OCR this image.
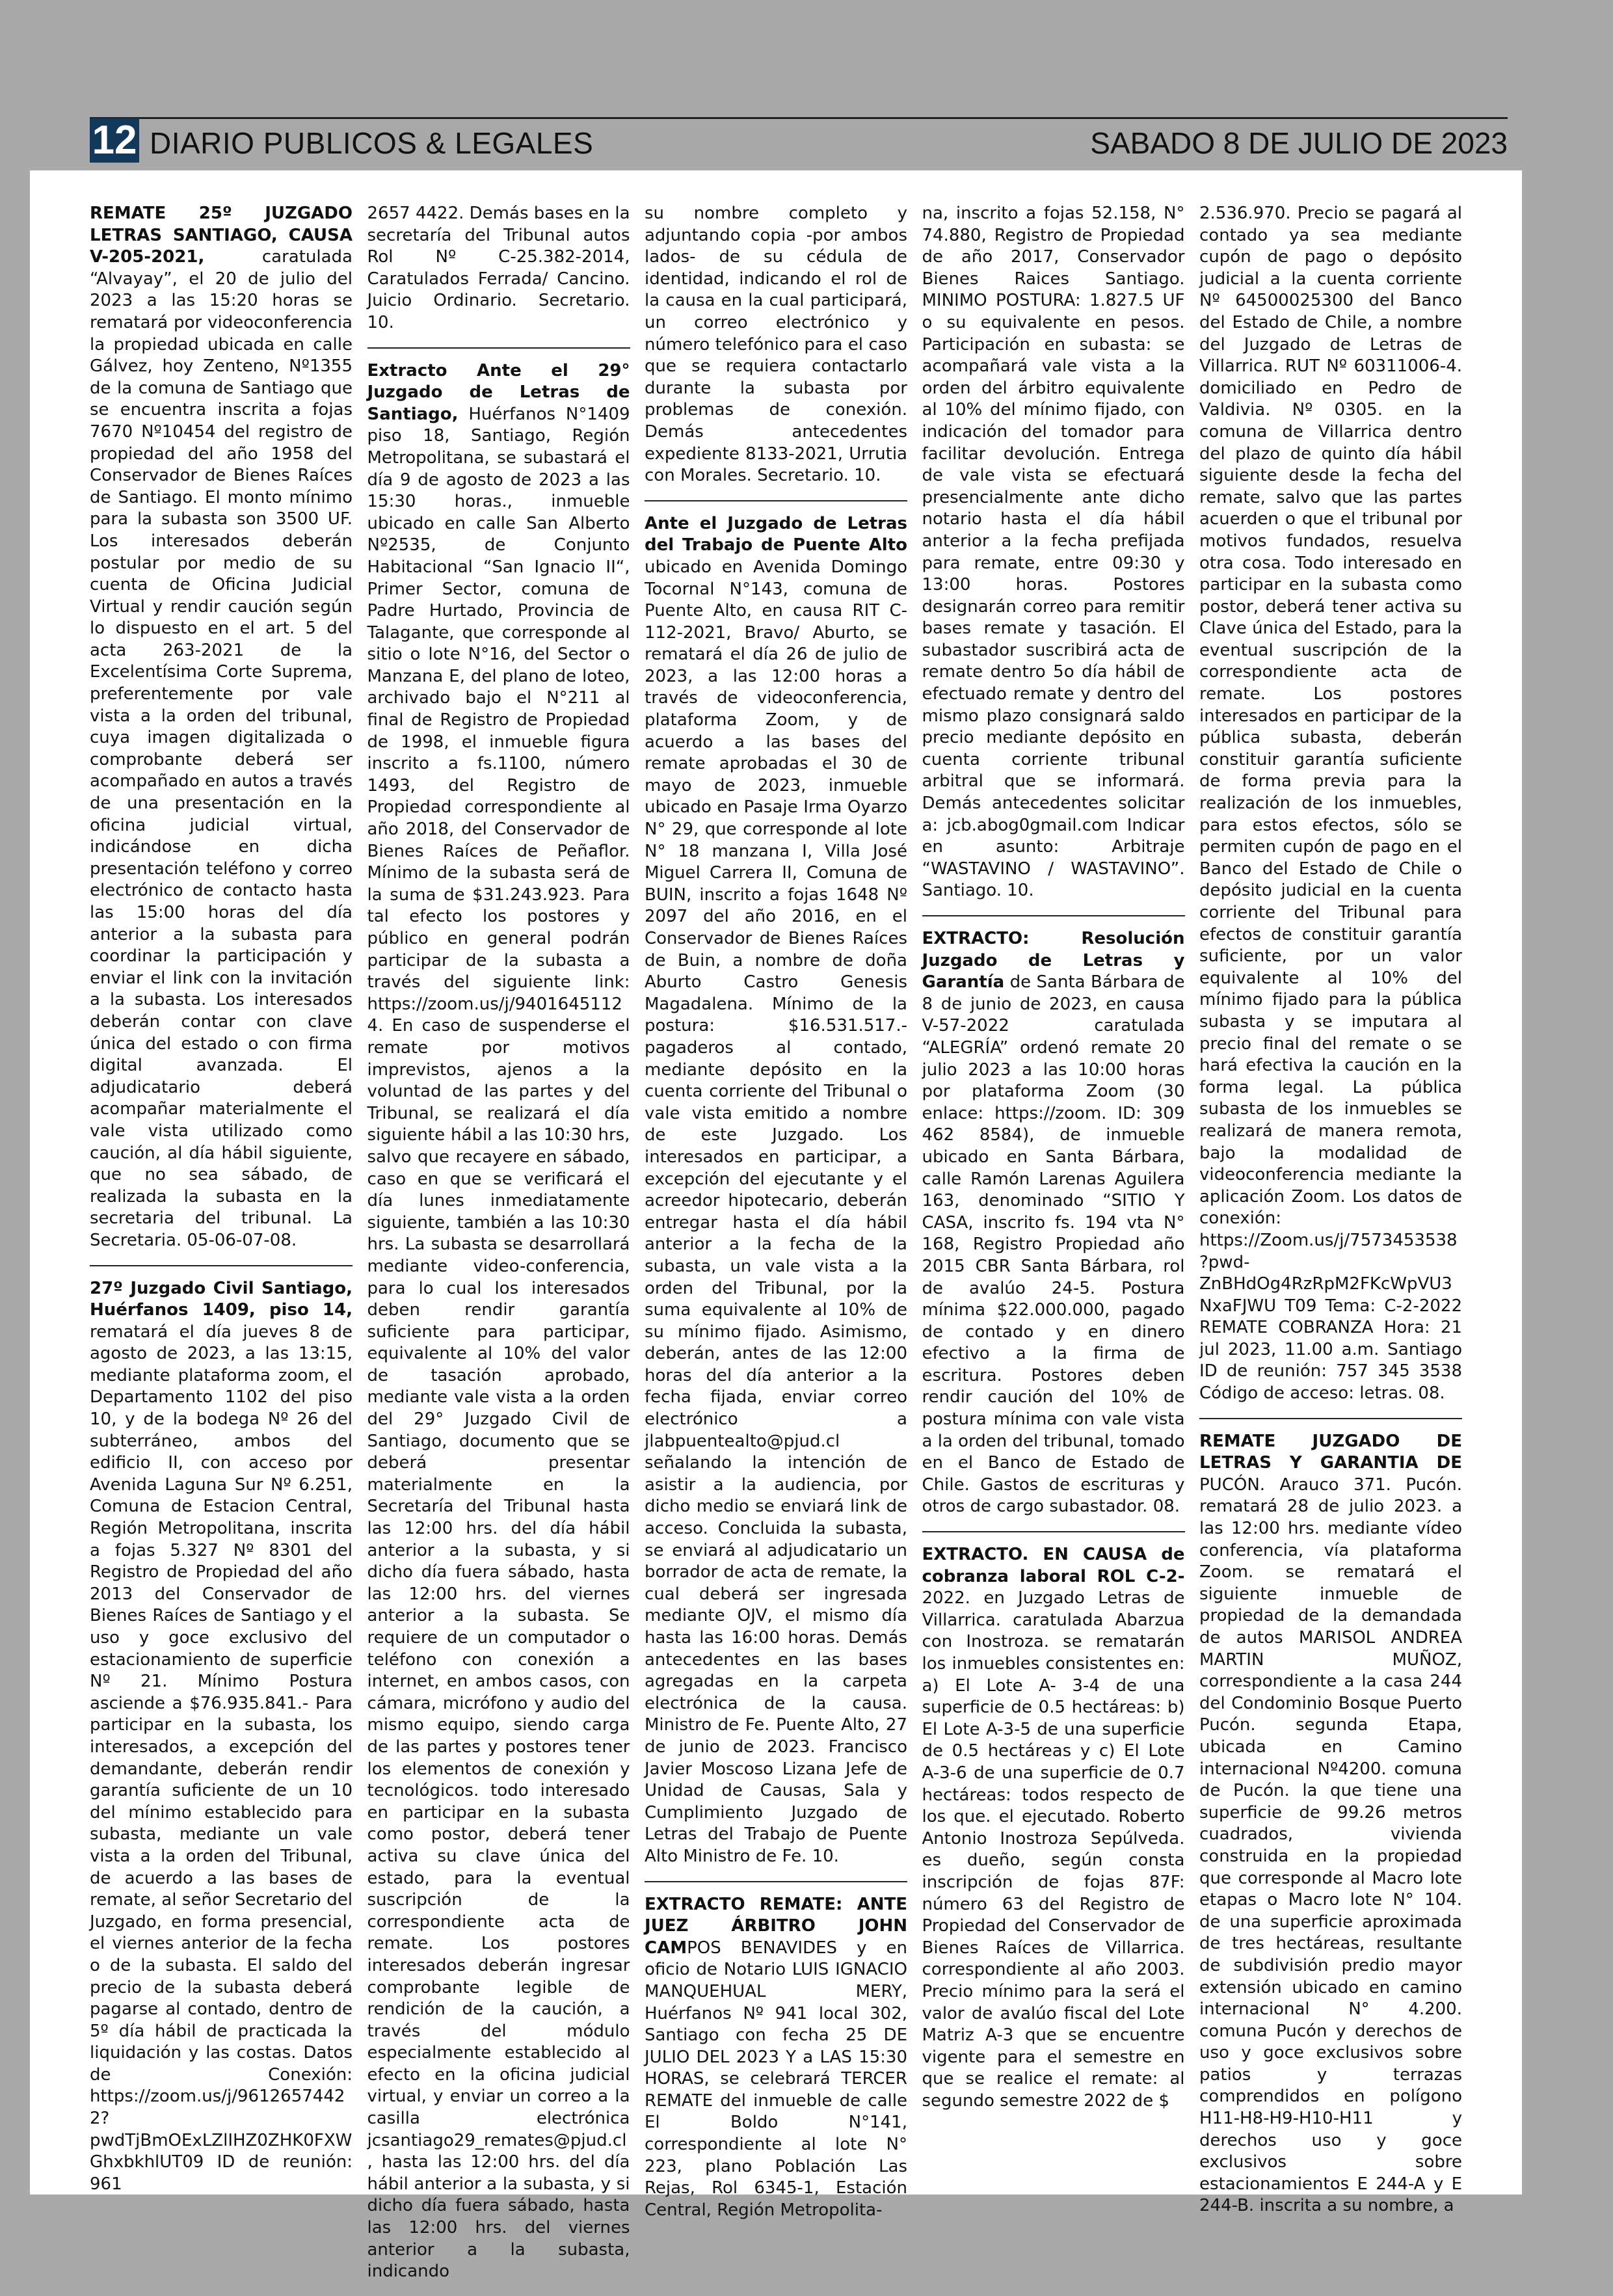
12 DIARIO PUBLICOS & LEGALES	SABADO 8 DE JULIO DE 2023

REMATE 25º JUZGADO LETRAS SANTIAGO, CAUSA V-205-2021, caratulada “Alvayay”, el 20 de julio del 2023 a las 15:20 horas se rematará por videoconferencia la propiedad ubicada en calle Gálvez, hoy Zenteno, Nº1355 de la comuna de Santiago que se encuentra inscrita a fojas 7670 Nº10454 del registro de propiedad del año 1958 del Conservador de Bienes Raíces de Santiago. El monto mínimo para la subasta son 3500 UF. Los interesados deberán postular por medio de su cuenta de Oficina Judicial Virtual y rendir caución según lo dispuesto en el art. 5 del acta 263-2021 de la Excelentísima Corte Suprema, preferentemente por vale vista a la orden del tribunal, cuya imagen digitalizada o comprobante deberá ser acompañado en autos a través de una presentación en la oficina judicial virtual, indicándose en dicha presentación teléfono y correo electrónico de contacto hasta las 15:00 horas del día anterior a la subasta para coordinar la participación y enviar el link con la invitación a la subasta. Los interesados deberán contar con clave única del estado o con firma digital avanzada. El adjudicatario deberá acompañar materialmente el vale vista utilizado como caución, al día hábil siguiente, que no sea sábado, de realizada la subasta en la secretaria del tribunal. La Secretaria. 05-06-07-08.

27º Juzgado Civil Santiago, Huérfanos 1409, piso 14, rematará el día jueves 8 de agosto de 2023, a las 13:15, mediante plataforma zoom, el Departamento 1102 del piso 10, y de la bodega Nº 26 del subterráneo, ambos del edificio II, con acceso por Avenida Laguna Sur Nº 6.251, Comuna de Estacion Central, Región Metropolitana, inscrita a fojas 5.327 Nº 8301 del Registro de Propiedad del año 2013 del Conservador de Bienes Raíces de Santiago y el uso y goce exclusivo del estacionamiento de superficie Nº 21. Mínimo Postura asciende a $76.935.841.- Para participar en la subasta, los interesados, a excepción del demandante, deberán rendir garantía suficiente de un 10 del mínimo establecido para subasta, mediante un vale vista a la orden del Tribunal, de acuerdo a las bases de remate, al señor Secretario del Juzgado, en forma presencial, el viernes anterior de la fecha o de la subasta. El saldo del precio de la subasta deberá pagarse al contado, dentro de 5º día hábil de practicada la liquidación y las costas. Datos de Conexión: https://zoom.us/j/96126574422?pwdTjBmOExLZlIHZ0ZHK0FXWGhxbkhlUT09 ID de reunión: 961

2657 4422. Demás bases en la secretaría del Tribunal autos Rol Nº C-25.382-2014, Caratulados Ferrada/ Cancino. Juicio Ordinario. Secretario. 10.

Extracto Ante el 29° Juzgado de Letras de Santiago, Huérfanos N°1409 piso 18, Santiago, Región Metropolitana, se subastará el día 9 de agosto de 2023 a las 15:30 horas., inmueble ubicado en calle San Alberto Nº2535, de Conjunto Habitacional “San Ignacio II“, Primer Sector, comuna de Padre Hurtado, Provincia de Talagante, que corresponde al sitio o lote N°16, del Sector o Manzana E, del plano de loteo, archivado bajo el N°211 al final de Registro de Propiedad de 1998, el inmueble figura inscrito a fs.1100, número 1493, del Registro de Propiedad correspondiente al año 2018, del Conservador de Bienes Raíces de Peñaflor. Mínimo de la subasta será de la suma de $31.243.923. Para tal efecto los postores y público en general podrán participar de la subasta a través del siguiente link: https://zoom.us/j/94016451124. En caso de suspenderse el remate por motivos imprevistos, ajenos a la voluntad de las partes y del Tribunal, se realizará el día siguiente hábil a las 10:30 hrs, salvo que recayere en sábado, caso en que se verificará el día lunes inmediatamente siguiente, también a las 10:30 hrs. La subasta se desarrollará mediante video-conferencia, para lo cual los interesados deben rendir garantía suficiente para participar, equivalente al 10% del valor de tasación aprobado, mediante vale vista a la orden del 29° Juzgado Civil de Santiago, documento que se deberá presentar materialmente en la Secretaría del Tribunal hasta las 12:00 hrs. del día hábil anterior a la subasta, y si dicho día fuera sábado, hasta las 12:00 hrs. del viernes anterior a la subasta. Se requiere de un computador o teléfono con conexión a internet, en ambos casos, con cámara, micrófono y audio del mismo equipo, siendo carga de las partes y postores tener los elementos de conexión y tecnológicos. todo interesado en participar en la subasta como postor, deberá tener activa su clave única del estado, para la eventual suscripción de la correspondiente acta de remate. Los postores interesados deberán ingresar comprobante legible de rendición de la caución, a través del módulo especialmente establecido al efecto en la oficina judicial virtual, y enviar un correo a la casilla electrónica jcsantiago29_remates@pjud.cl, hasta las 12:00 hrs. del día hábil anterior a la subasta, y si dicho día fuera sábado, hasta las 12:00 hrs. del viernes anterior a la subasta, indicando

su nombre completo y adjuntando copia -por ambos lados- de su cédula de identidad, indicando el rol de la causa en la cual participará, un correo electrónico y número telefónico para el caso que se requiera contactarlo durante la subasta por problemas de conexión. Demás antecedentes expediente 8133-2021, Urrutia con Morales. Secretario. 10.

Ante el Juzgado de Letras del Trabajo de Puente Alto ubicado en Avenida Domingo Tocornal N°143, comuna de Puente Alto, en causa RIT C-112-2021, Bravo/ Aburto, se rematará el día 26 de julio de 2023, a las 12:00 horas a través de videoconferencia, plataforma Zoom, y de acuerdo a las bases del remate aprobadas el 30 de mayo de 2023, inmueble ubicado en Pasaje Irma Oyarzo N° 29, que corresponde al lote N° 18 manzana I, Villa José Miguel Carrera II, Comuna de BUIN, inscrito a fojas 1648 Nº 2097 del año 2016, en el Conservador de Bienes Raíces de Buin, a nombre de doña Aburto Castro Genesis Magadalena. Mínimo de la postura: $16.531.517.- pagaderos al contado, mediante depósito en la cuenta corriente del Tribunal o vale vista emitido a nombre de este Juzgado. Los interesados en participar, a excepción del ejecutante y el acreedor hipotecario, deberán entregar hasta el día hábil anterior a la fecha de la subasta, un vale vista a la orden del Tribunal, por la suma equivalente al 10% de su mínimo fijado. Asimismo, deberán, antes de las 12:00 horas del día anterior a la fecha fijada, enviar correo electrónico a jlabpuentealto@pjud.cl señalando la intención de asistir a la audiencia, por dicho medio se enviará link de acceso. Concluida la subasta, se enviará al adjudicatario un borrador de acta de remate, la cual deberá ser ingresada mediante OJV, el mismo día hasta las 16:00 horas. Demás antecedentes en las bases agregadas en la carpeta electrónica de la causa. Ministro de Fe. Puente Alto, 27 de junio de 2023. Francisco Javier Moscoso Lizana Jefe de Unidad de Causas, Sala y Cumplimiento Juzgado de Letras del Trabajo de Puente Alto Ministro de Fe. 10.

EXTRACTO REMATE: ANTE JUEZ ÁRBITRO JOHN CAMPOS BENAVIDES y en oficio de Notario LUIS IGNACIO MANQUEHUAL MERY, Huérfanos Nº 941 local 302, Santiago con fecha 25 DE JULIO DEL 2023 Y a LAS 15:30 HORAS, se celebrará TERCER REMATE del inmueble de calle El Boldo N°141, correspondiente al lote N° 223, plano Población Las Rejas, Rol 6345-1, Estación Central, Región Metropolita-

na, inscrito a fojas 52.158, N° 74.880, Registro de Propiedad de año 2017, Conservador Bienes Raices Santiago. MINIMO POSTURA: 1.827.5 UF o su equivalente en pesos. Participación en subasta: se acompañará vale vista a la orden del árbitro equivalente al 10% del mínimo fijado, con indicación del tomador para facilitar devolución. Entrega de vale vista se efectuará presencialmente ante dicho notario hasta el día hábil anterior a la fecha prefijada para remate, entre 09:30 y 13:00 horas. Postores designarán correo para remitir bases remate y tasación. El subastador suscribirá acta de remate dentro 5o día hábil de efectuado remate y dentro del mismo plazo consignará saldo precio mediante depósito en cuenta corriente tribunal arbitral que se informará. Demás antecedentes solicitar a: jcb.abog0gmail.com Indicar en asunto: Arbitraje “WASTAVINO / WASTAVINO”. Santiago. 10.

EXTRACTO: Resolución Juzgado de Letras y Garantía de Santa Bárbara de 8 de junio de 2023, en causa V-57-2022 caratulada “ALEGRÍA” ordenó remate 20 julio 2023 a las 10:00 horas por plataforma Zoom (30 enlace: https://zoom. ID: 309 462 8584), de inmueble ubicado en Santa Bárbara, calle Ramón Larenas Aguilera 163, denominado “SITIO Y CASA, inscrito fs. 194 vta N° 168, Registro Propiedad año 2015 CBR Santa Bárbara, rol de avalúo 24-5. Postura mínima $22.000.000, pagado de contado y en dinero efectivo a la firma de escritura. Postores deben rendir caución del 10% de postura mínima con vale vista a la orden del tribunal, tomado en el Banco de Estado de Chile. Gastos de escrituras y otros de cargo subastador. 08.

EXTRACTO. EN CAUSA de cobranza laboral ROL C-2-2022. en Juzgado Letras de Villarrica. caratulada Abarzua con Inostroza. se rematarán los inmuebles consistentes en: a) El Lote A- 3-4 de una superficie de 0.5 hectáreas: b) El Lote A-3-5 de una superficie de 0.5 hectáreas y c) El Lote A-3-6 de una superficie de 0.7 hectáreas: todos respecto de los que. el ejecutado. Roberto Antonio Inostroza Sepúlveda. es dueño, según consta inscripción de fojas 87F: número 63 del Registro de Propiedad del Conservador de Bienes Raíces de Villarrica. correspondiente al año 2003. Precio mínimo para la será el valor de avalúo fiscal del Lote Matriz A-3 que se encuentre vigente para el semestre en que se realice el remate: al segundo semestre 2022 de $

2.536.970. Precio se pagará al contado ya sea mediante cupón de pago o depósito judicial a la cuenta corriente Nº 64500025300 del Banco del Estado de Chile, a nombre del Juzgado de Letras de Villarrica. RUT Nº 60311006-4. domiciliado en Pedro de Valdivia. Nº 0305. en la comuna de Villarrica dentro del plazo de quinto día hábil siguiente desde la fecha del remate, salvo que las partes acuerden o que el tribunal por motivos fundados, resuelva otra cosa. Todo interesado en participar en la subasta como postor, deberá tener activa su Clave única del Estado, para la eventual suscripción de la correspondiente acta de remate. Los postores interesados en participar de la pública subasta, deberán constituir garantía suficiente de forma previa para la realización de los inmuebles, para estos efectos, sólo se permiten cupón de pago en el Banco del Estado de Chile o depósito judicial en la cuenta corriente del Tribunal para efectos de constituir garantía suficiente, por un valor equivalente al 10% del mínimo fijado para la pública subasta y se imputara al precio final del remate o se hará efectiva la caución en la forma legal. La pública subasta de los inmuebles se realizará de manera remota, bajo la modalidad de videoconferencia mediante la aplicación Zoom. Los datos de conexión: https://Zoom.us/j/7573453538?pwd-ZnBHdOg4RzRpM2FKcWpVU3NxaFJWU T09 Tema: C-2-2022 REMATE COBRANZA Hora: 21 jul 2023, 11.00 a.m. Santiago ID de reunión: 757 345 3538 Código de acceso: letras. 08.

REMATE JUZGADO DE LETRAS Y GARANTIA DE PUCÓN. Arauco 371. Pucón. rematará 28 de julio 2023. a las 12:00 hrs. mediante vídeo conferencia, vía plataforma Zoom. se rematará el siguiente inmueble de propiedad de la demandada de autos MARISOL ANDREA MARTIN MUÑOZ, correspondiente a la casa 244 del Condominio Bosque Puerto Pucón. segunda Etapa, ubicada en Camino internacional Nº4200. comuna de Pucón. la que tiene una superficie de 99.26 metros cuadrados, vivienda construida en la propiedad que corresponde al Macro lote etapas o Macro lote N° 104. de una superficie aproximada de tres hectáreas, resultante de subdivisión predio mayor extensión ubicado en camino internacional N° 4.200. comuna Pucón y derechos de uso y goce exclusivos sobre patios y terrazas comprendidos en polígono H11-H8-H9-H10-H11 y derechos uso y goce exclusivos sobre estacionamientos E 244-A y E 244-B. inscrita a su nombre, a
